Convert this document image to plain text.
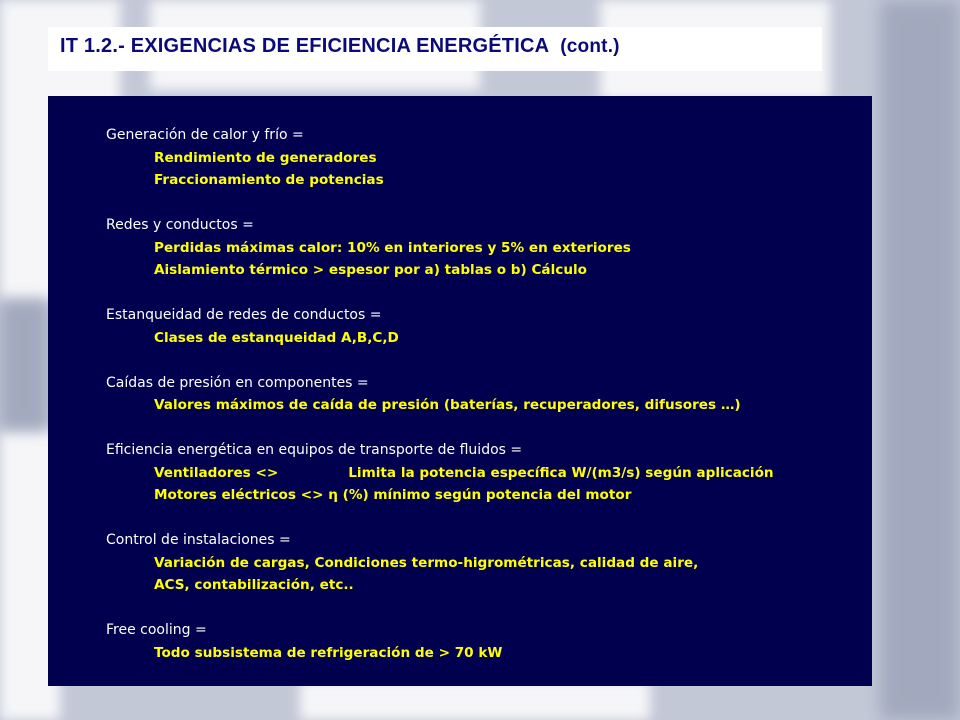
IT 1.2.- EXIGENCIAS DE EFICIENCIA ENERGÉTICA (cont.)
Generación de calor y frío =
Rendimiento de generadores
Fraccionamiento de potencias
Redes y conductos =
Perdidas máximas calor: 10% en interiores y 5% en exteriores
Aislamiento térmico > espesor por a) tablas o b) Cálculo
Estanqueidad de redes de conductos =
Clases de estanqueidad A,B,C,D
Caídas de presión en componentes =
Valores máximos de caída de presión (baterías, recuperadores, difusores …)
Eficiencia energética en equipos de transporte de fluidos =
Ventiladores <>	Limita la potencia específica W/(m3/s) según aplicación
Motores eléctricos <> η (%) mínimo según potencia del motor
Control de instalaciones =
Variación de cargas, Condiciones termo-higrométricas, calidad de aire,
ACS, contabilización, etc..
Free cooling =
Todo subsistema de refrigeración de > 70 kW
